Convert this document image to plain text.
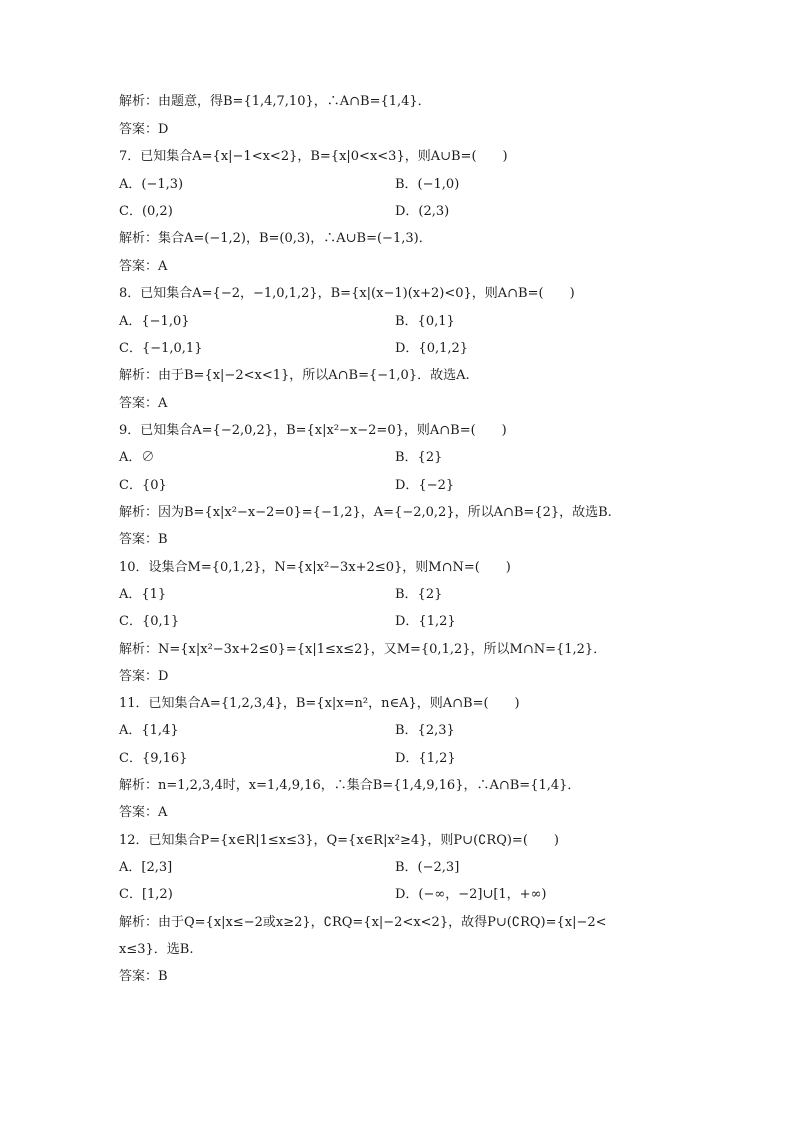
解析：由题意，得B={1,4,7,10}，∴A∩B={1,4}．
答案：D
7．已知集合A={x|−1<x<2}，B={x|0<x<3}，则A∪B=(　　)
A．(−1,3)	B．(−1,0)
C．(0,2)	D．(2,3)
解析：集合A=(−1,2)，B=(0,3)，∴A∪B=(−1,3)．
答案：A
8．已知集合A={−2，−1,0,1,2}，B={x|(x−1)(x+2)<0}，则A∩B=(　　)
A．{−1,0}	B．{0,1}
C．{−1,0,1}	D．{0,1,2}
解析：由于B={x|−2<x<1}，所以A∩B={−1,0}．故选A.
答案：A
9．已知集合A={−2,0,2}，B={x|x²−x−2=0}，则A∩B=(　　)
A．∅	B．{2}
C．{0}	D．{−2}
解析：因为B={x|x²−x−2=0}={−1,2}，A={−2,0,2}，所以A∩B={2}，故选B.
答案：B
10．设集合M={0,1,2}，N={x|x²−3x+2≤0}，则M∩N=(　　)
A．{1}	B．{2}
C．{0,1}	D．{1,2}
解析：N={x|x²−3x+2≤0}={x|1≤x≤2}，又M={0,1,2}，所以M∩N={1,2}．
答案：D
11．已知集合A={1,2,3,4}，B={x|x=n²，n∈A}，则A∩B=(　　)
A．{1,4}	B．{2,3}
C．{9,16}	D．{1,2}
解析：n=1,2,3,4时，x=1,4,9,16，∴集合B={1,4,9,16}，∴A∩B={1,4}．
答案：A
12．已知集合P={x∈R|1≤x≤3}，Q={x∈R|x²≥4}，则P∪(∁RQ)=(　　)
A．[2,3]	B．(−2,3]
C．[1,2)	D．(−∞，−2]∪[1，+∞)
解析：由于Q={x|x≤−2或x≥2}，∁RQ={x|−2<x<2}，故得P∪(∁RQ)={x|−2<
x≤3}．选B.
答案：B
